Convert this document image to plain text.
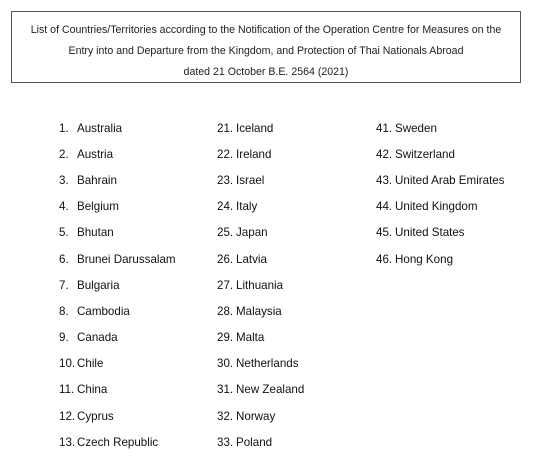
List of Countries/Territories according to the Notification of the Operation Centre for Measures on the
Entry into and Departure from the Kingdom, and Protection of Thai Nationals Abroad
dated 21 October B.E. 2564 (2021)
1. Australia
2. Austria
3. Bahrain
4. Belgium
5. Bhutan
6. Brunei Darussalam
7. Bulgaria
8. Cambodia
9. Canada
10. Chile
11. China
12. Cyprus
13. Czech Republic
21. Iceland
22. Ireland
23. Israel
24. Italy
25. Japan
26. Latvia
27. Lithuania
28. Malaysia
29. Malta
30. Netherlands
31. New Zealand
32. Norway
33. Poland
41. Sweden
42. Switzerland
43. United Arab Emirates
44. United Kingdom
45. United States
46. Hong Kong
